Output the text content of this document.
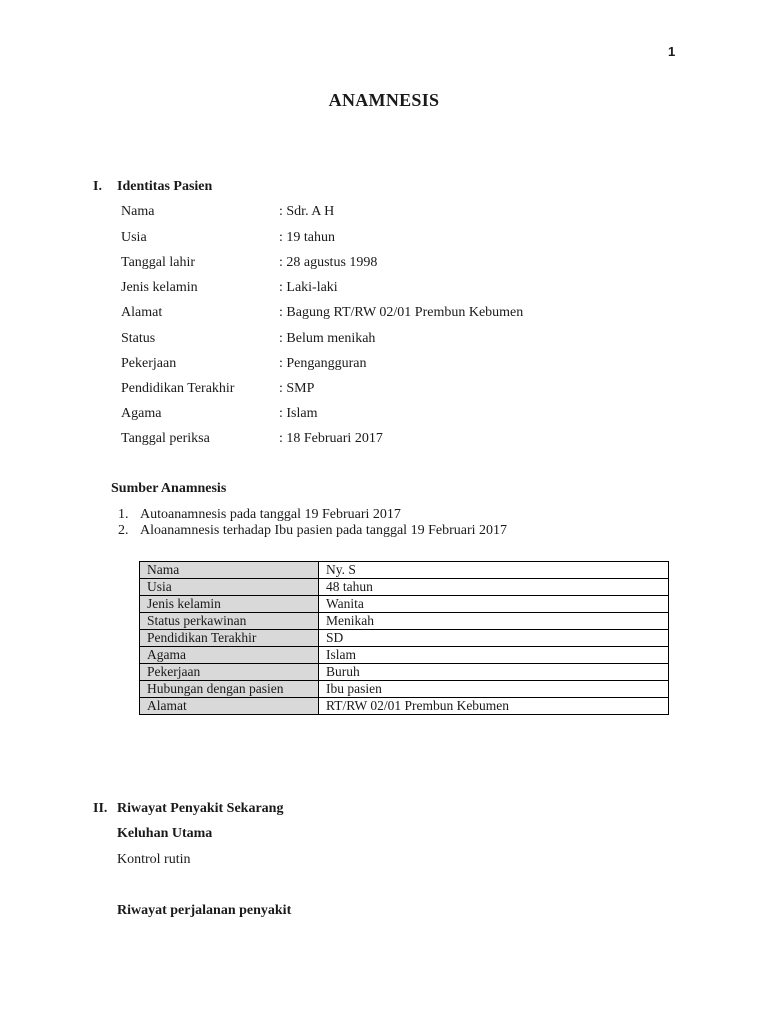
1
ANAMNESIS
I. Identitas Pasien
Nama	: Sdr. A H
Usia	: 19 tahun
Tanggal lahir	: 28 agustus 1998
Jenis kelamin	: Laki-laki
Alamat	: Bagung RT/RW 02/01 Prembun Kebumen
Status	: Belum menikah
Pekerjaan	: Pengangguran
Pendidikan Terakhir	: SMP
Agama	: Islam
Tanggal periksa	: 18 Februari 2017
Sumber Anamnesis
1. Autoanamnesis pada tanggal 19 Februari 2017
2. Aloanamnesis terhadap Ibu pasien pada tanggal 19 Februari 2017
Nama	Ny. S
Usia	48 tahun
Jenis kelamin	Wanita
Status perkawinan	Menikah
Pendidikan Terakhir	SD
Agama	Islam
Pekerjaan	Buruh
Hubungan dengan pasien	Ibu pasien
Alamat	RT/RW 02/01 Prembun Kebumen
II. Riwayat Penyakit Sekarang
Keluhan Utama
Kontrol rutin
Riwayat perjalanan penyakit
